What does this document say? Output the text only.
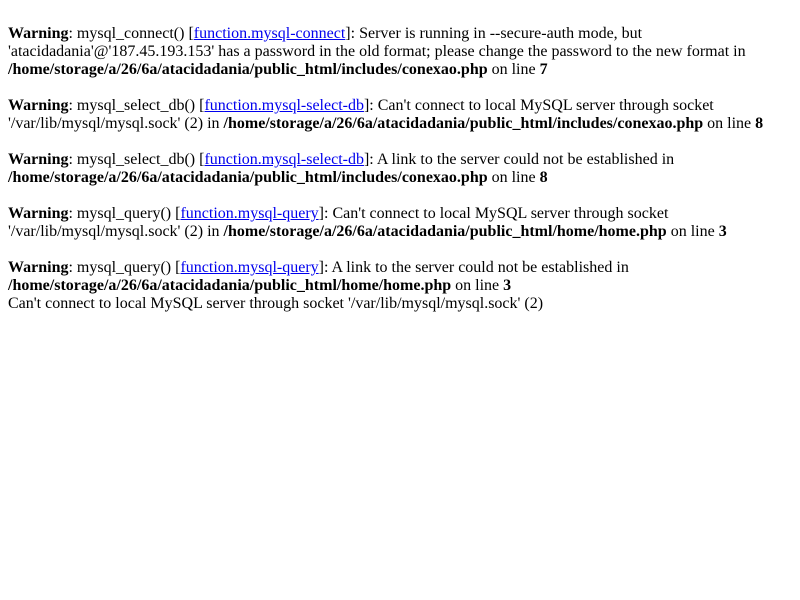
Warning: mysql_connect() [function.mysql-connect]: Server is running in --secure-auth mode, but 'atacidadania'@'187.45.193.153' has a password in the old format; please change the password to the new format in /home/storage/a/26/6a/atacidadania/public_html/includes/conexao.php on line 7
Warning: mysql_select_db() [function.mysql-select-db]: Can't connect to local MySQL server through socket '/var/lib/mysql/mysql.sock' (2) in /home/storage/a/26/6a/atacidadania/public_html/includes/conexao.php on line 8
Warning: mysql_select_db() [function.mysql-select-db]: A link to the server could not be established in
/home/storage/a/26/6a/atacidadania/public_html/includes/conexao.php on line 8
Warning: mysql_query() [function.mysql-query]: Can't connect to local MySQL server through socket '/var/lib/mysql/mysql.sock' (2) in /home/storage/a/26/6a/atacidadania/public_html/home/home.php on line 3
Warning: mysql_query() [function.mysql-query]: A link to the server could not be established in
/home/storage/a/26/6a/atacidadania/public_html/home/home.php on line 3
Can't connect to local MySQL server through socket '/var/lib/mysql/mysql.sock' (2)
